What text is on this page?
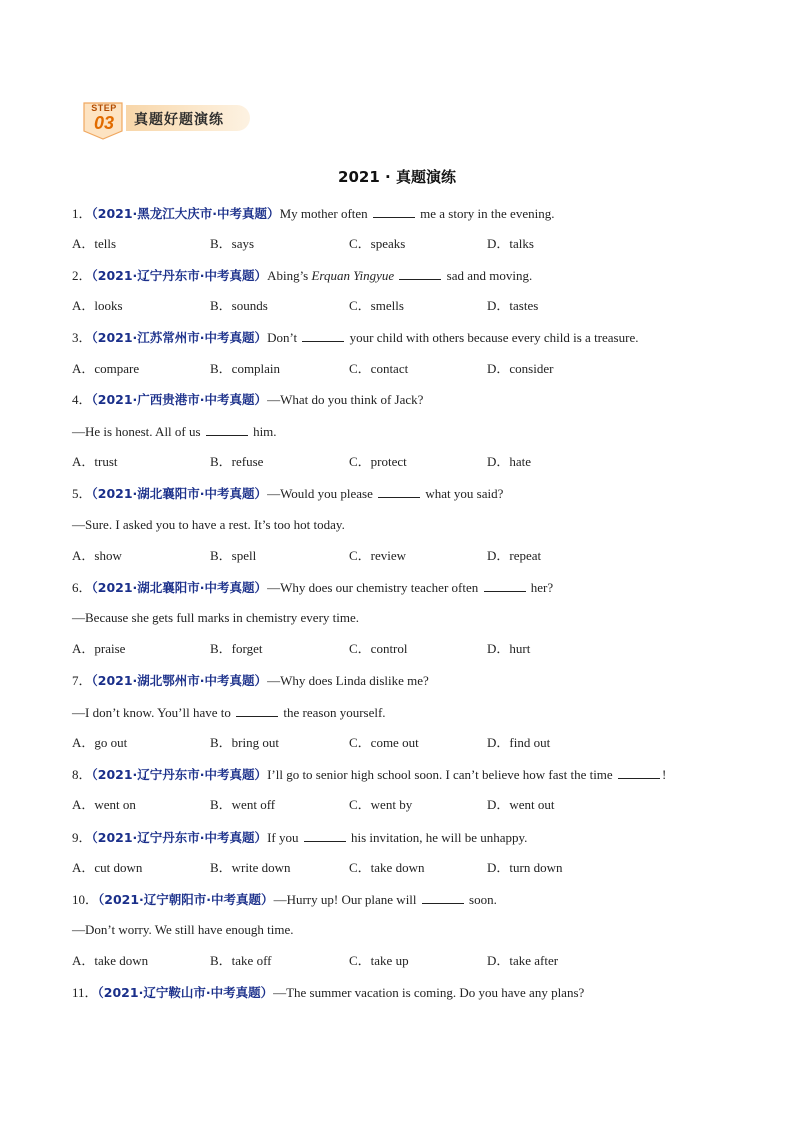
STEP
03	真题好题演练
2021 · 真题演练
1．（2021·黑龙江大庆市·中考真题）My mother often	me a story in the evening.
A．tells	B．says	C．speaks	D．talks
2．（2021·辽宁丹东市·中考真题）Abing’s Erquan Yingyue	sad and moving.
A．looks	B．sounds	C．smells	D．tastes
3．（2021·江苏常州市·中考真题）Don’t	your child with others because every child is a treasure.
A．compare	B．complain	C．contact	D．consider
4．（2021·广西贵港市·中考真题）—What do you think of Jack?
—He is honest. All of us	him.
A．trust	B．refuse	C．protect	D．hate
5．（2021·湖北襄阳市·中考真题）—Would you please	what you said?
—Sure. I asked you to have a rest. It’s too hot today.
A．show	B．spell	C．review	D．repeat
6．（2021·湖北襄阳市·中考真题）—Why does our chemistry teacher often	her?
—Because she gets full marks in chemistry every time.
A．praise	B．forget	C．control	D．hurt
7．（2021·湖北鄂州市·中考真题）—Why does Linda dislike me?
—I don’t know. You’ll have to	the reason yourself.
A．go out	B．bring out	C．come out	D．find out
8．（2021·辽宁丹东市·中考真题）I’ll go to senior high school soon. I can’t believe how fast the time	!
A．went on	B．went off	C．went by	D．went out
9．（2021·辽宁丹东市·中考真题）If you	his invitation, he will be unhappy.
A．cut down	B．write down	C．take down	D．turn down
10．（2021·辽宁朝阳市·中考真题）—Hurry up! Our plane will	soon.
—Don’t worry. We still have enough time.
A．take down	B．take off	C．take up	D．take after
11．（2021·辽宁鞍山市·中考真题）—The summer vacation is coming. Do you have any plans?
